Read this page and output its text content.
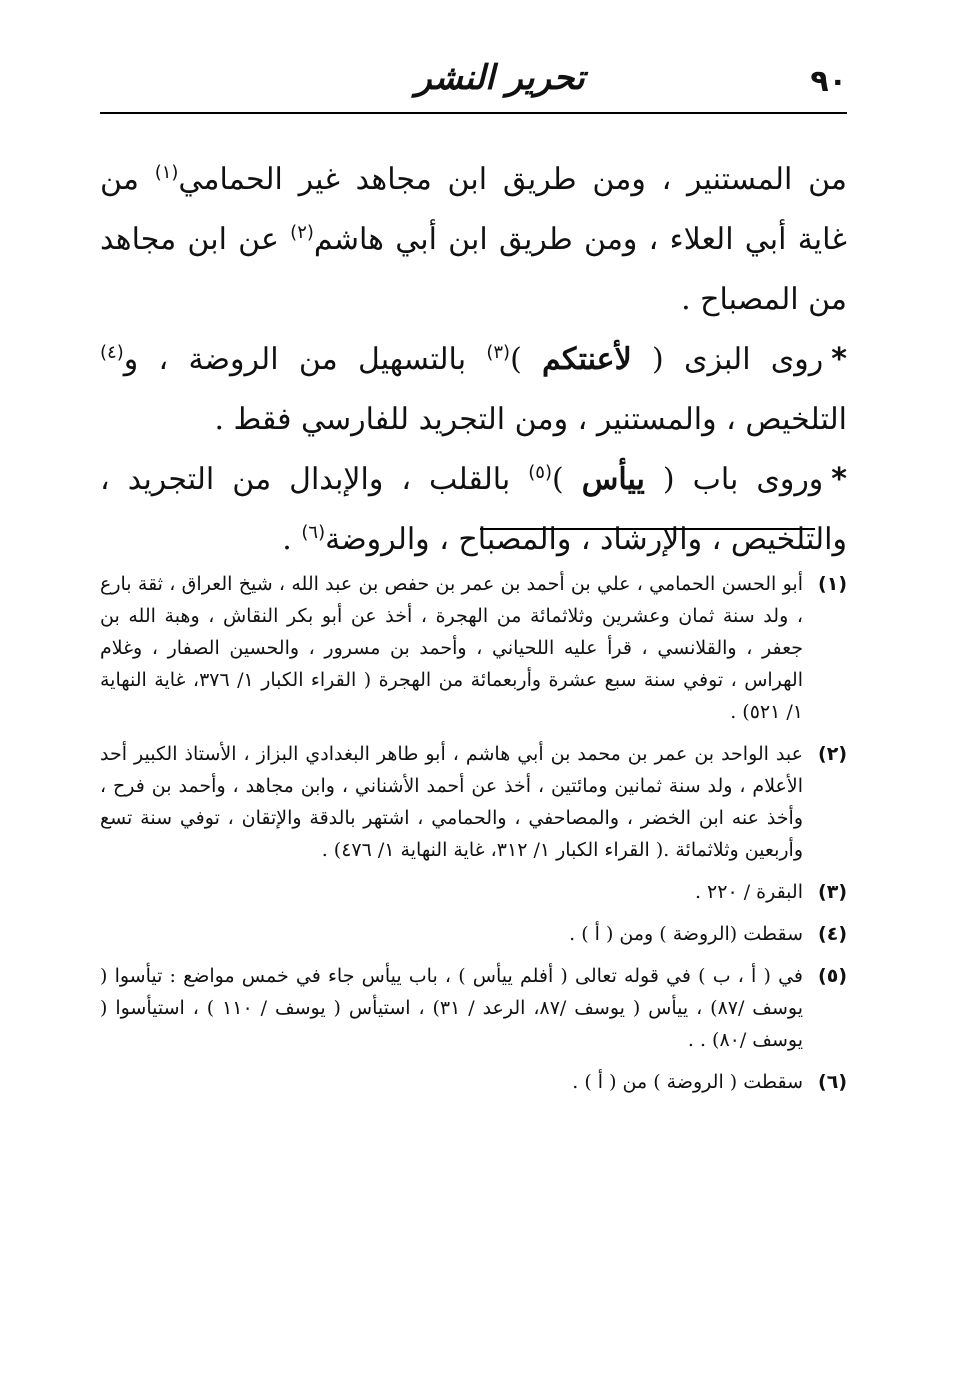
٩٠
تحرير النشر

من المستنير ، ومن طريق ابن مجاهد غير الحمامي$^{(١)}$ من غاية أبي العلاء ، ومن طريق ابن أبي هاشم$^{(٢)}$ عن ابن مجاهد من المصباح .

*روى البزى ( لأعنتكم )$^{(٣)}$ بالتسهيل من الروضة ، و$^{(٤)}$ التلخيص ، والمستنير ، ومن التجريد للفارسي فقط .

*وروى باب ( ييأس )$^{(٥)}$ بالقلب ، والإبدال من التجريد ، والتلخيص ، والإرشاد ، والمصباح ، والروضة$^{(٦)}$ .

(١)
أبو الحسن الحمامي ، علي بن أحمد بن عمر بن حفص بن عبد الله ، شيخ العراق ، ثقة بارع ، ولد سنة ثمان وعشرين وثلاثمائة من الهجرة ، أخذ عن أبو بكر النقاش ، وهبة الله بن جعفر ، والقلانسي ، قرأ عليه اللحياني ، وأحمد بن مسرور ، والحسين الصفار ، وغلام الهراس ، توفي سنة سبع عشرة وأربعمائة من الهجرة ( القراء الكبار ١/ ٣٧٦، غاية النهاية ١/ ٥٢١) .
(٢)
عبد الواحد بن عمر بن محمد بن أبي هاشم ، أبو طاهر البغدادي البزاز ، الأستاذ الكبير أحد الأعلام ، ولد سنة ثمانين ومائتين ، أخذ عن أحمد الأشناني ، وابن مجاهد ، وأحمد بن فرح ، وأخذ عنه ابن الخضر ، والمصاحفي ، والحمامي ، اشتهر بالدقة والإتقان ، توفي سنة تسع وأربعين وثلاثمائة .( القراء الكبار ١/ ٣١٢، غاية النهاية ١/ ٤٧٦) .
(٣)
البقرة / ٢٢٠ .
(٤)
سقطت (الروضة ) ومن ( أ ) .
(٥)
في ( أ ، ب ) في قوله تعالى ( أفلم ييأس ) ، باب ييأس جاء في خمس مواضع : تيأسوا ( يوسف /٨٧) ، ييأس ( يوسف /٨٧، الرعد / ٣١) ، استيأس ( يوسف / ١١٠ ) ، استيأسوا ( يوسف /٨٠) . .
(٦)
سقطت ( الروضة ) من ( أ ) .
